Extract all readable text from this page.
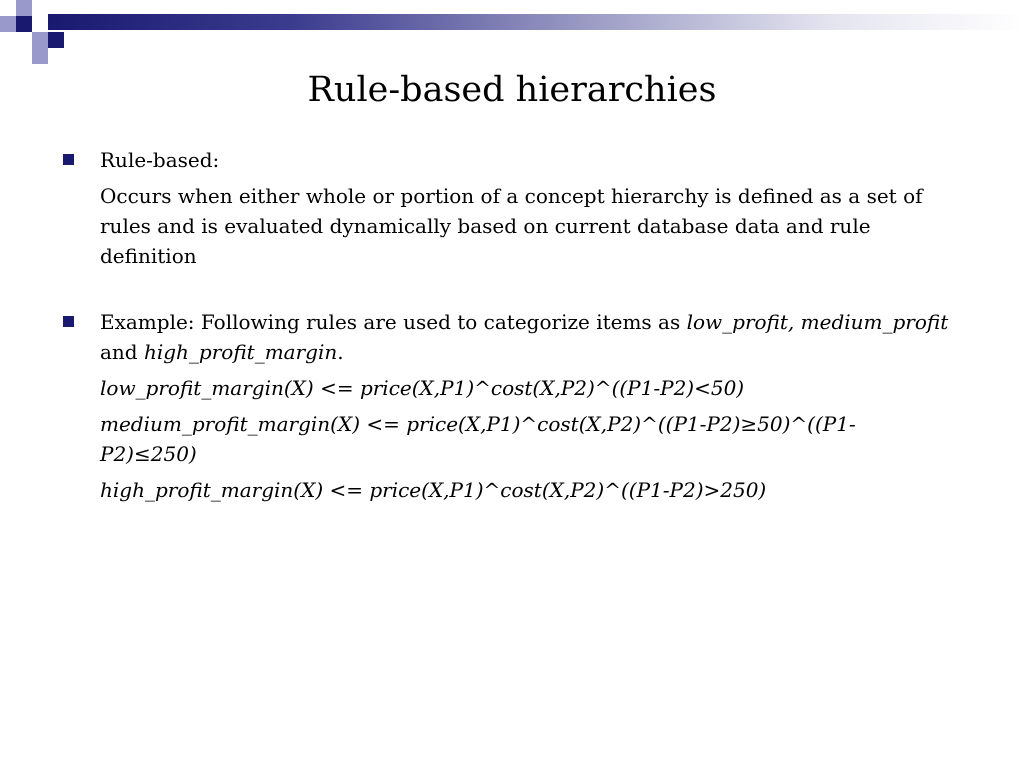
Rule-based hierarchies

Rule-based:

Occurs when either whole or portion of a concept hierarchy is defined as a set of rules and is evaluated dynamically based on current database data and rule definition

Example: Following rules are used to categorize items as low_profit, medium_profit and high_profit_margin.

low_profit_margin(X) <= price(X,P1)^cost(X,P2)^((P1-P2)<50)

medium_profit_margin(X) <= price(X,P1)^cost(X,P2)^((P1-P2)≥50)^((P1-P2)≤250)

high_profit_margin(X) <= price(X,P1)^cost(X,P2)^((P1-P2)>250)
